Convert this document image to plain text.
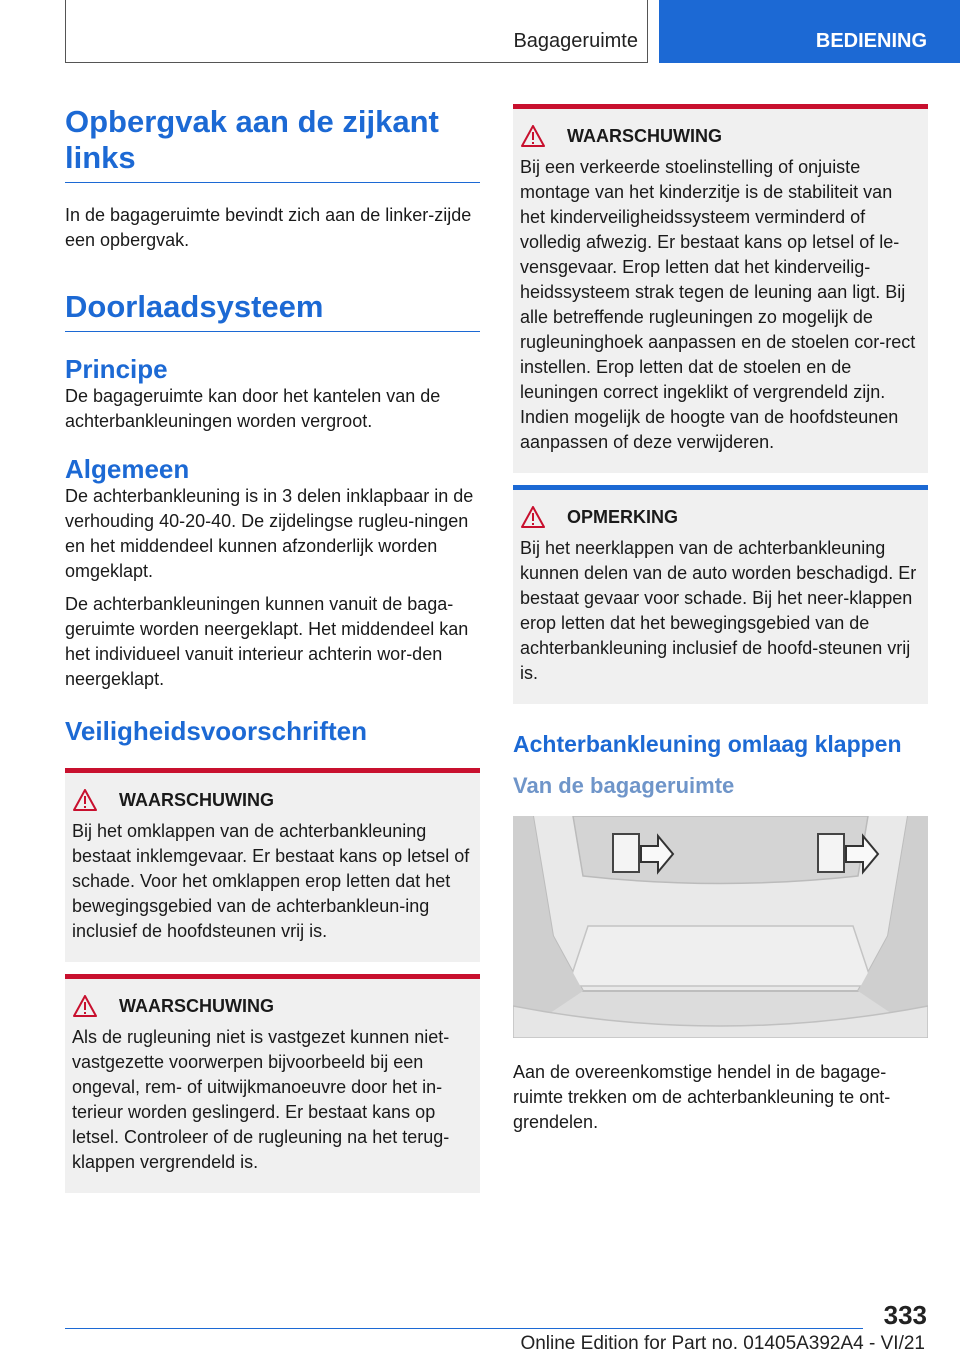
Bagageruimte	BEDIENING
Opbergvak aan de zijkant links

In de bagageruimte bevindt zich aan de linker-zijde een opbergvak.

Doorlaadsysteem
Principe

De bagageruimte kan door het kantelen van de achterbankleuningen worden vergroot.

Algemeen

De achterbankleuning is in 3 delen inklapbaar in de verhouding 40-20-40. De zijdelingse rugleu-ningen en het middendeel kunnen afzonderlijk worden omgeklapt.

De achterbankleuningen kunnen vanuit de baga-geruimte worden neergeklapt. Het middendeel kan het individueel vanuit interieur achterin wor-den neergeklapt.

Veiligheidsvoorschriften
WAARSCHUWING

Bij het omklappen van de achterbankleuning bestaat inklemgevaar. Er bestaat kans op letsel of schade. Voor het omklappen erop letten dat het bewegingsgebied van de achterbankleun-ing inclusief de hoofdsteunen vrij is.

WAARSCHUWING

Als de rugleuning niet is vastgezet kunnen niet-vastgezette voorwerpen bijvoorbeeld bij een ongeval, rem- of uitwijkmanoeuvre door het in-terieur worden geslingerd. Er bestaat kans op letsel. Controleer of de rugleuning na het terug-klappen vergrendeld is.

WAARSCHUWING

Bij een verkeerde stoelinstelling of onjuiste montage van het kinderzitje is de stabiliteit van het kinderveiligheidssysteem verminderd of volledig afwezig. Er bestaat kans op letsel of le-vensgevaar. Erop letten dat het kinderveilig-heidssysteem strak tegen de leuning aan ligt. Bij alle betreffende rugleuningen zo mogelijk de rugleuninghoek aanpassen en de stoelen cor-rect instellen. Erop letten dat de stoelen en de leuningen correct ingeklikt of vergrendeld zijn. Indien mogelijk de hoogte van de hoofdsteunen aanpassen of deze verwijderen.

OPMERKING

Bij het neerklappen van de achterbankleuning kunnen delen van de auto worden beschadigd. Er bestaat gevaar voor schade. Bij het neer-klappen erop letten dat het bewegingsgebied van de achterbankleuning inclusief de hoofd-steunen vrij is.

Achterbankleuning omlaag klappen
Van de bagageruimte

Aan de overeenkomstige hendel in de bagage-ruimte trekken om de achterbankleuning te ont-grendelen.

333
Online Edition for Part no. 01405A392A4 - VI/21
